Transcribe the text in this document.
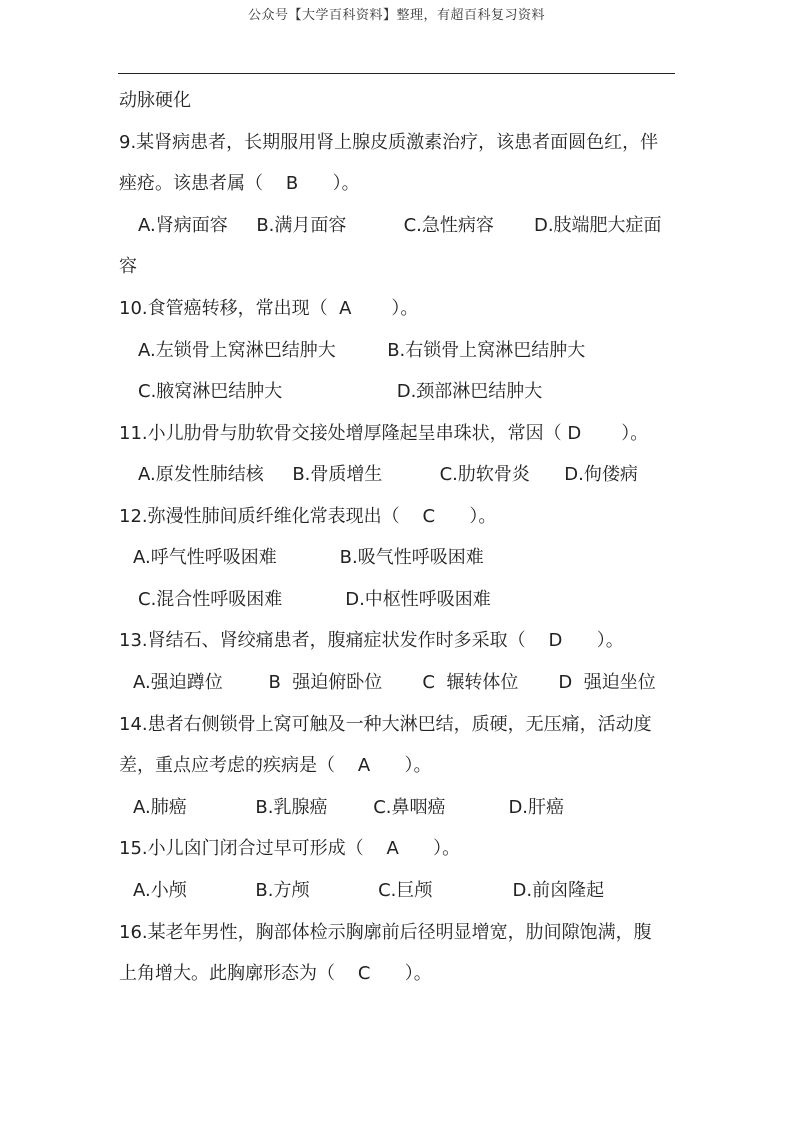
公众号【大学百科资料】整理，有超百科复习资料
动脉硬化
9.某肾病患者，长期服用肾上腺皮质激素治疗，该患者面圆色红，伴
痤疮。该患者属（    B      ）。
A.肾病面容     B.满月面容          C.急性病容       D.肢端肥大症面
容
10.食管癌转移，常出现（  A       ）。
A.左锁骨上窝淋巴结肿大         B.右锁骨上窝淋巴结肿大
C.腋窝淋巴结肿大                    D.颈部淋巴结肿大
11.小儿肋骨与肋软骨交接处增厚隆起呈串珠状，常因（ D       ）。
A.原发性肺结核     B.骨质增生          C.肋软骨炎      D.佝偻病
12.弥漫性肺间质纤维化常表现出（    C      ）。
A.呼气性呼吸困难           B.吸气性呼吸困难
C.混合性呼吸困难           D.中枢性呼吸困难
13.肾结石、肾绞痛患者，腹痛症状发作时多采取（    D      ）。
A.强迫蹲位        B  强迫俯卧位       C  辗转体位       D  强迫坐位
14.患者右侧锁骨上窝可触及一种大淋巴结，质硬，无压痛，活动度
差，重点应考虑的疾病是（    A      ）。
A.肺癌            B.乳腺癌        C.鼻咽癌           D.肝癌
15.小儿囟门闭合过早可形成（    A      ）。
A.小颅            B.方颅            C.巨颅              D.前囟隆起
16.某老年男性，胸部体检示胸廓前后径明显增宽，肋间隙饱满，腹
上角增大。此胸廓形态为（    C      ）。
